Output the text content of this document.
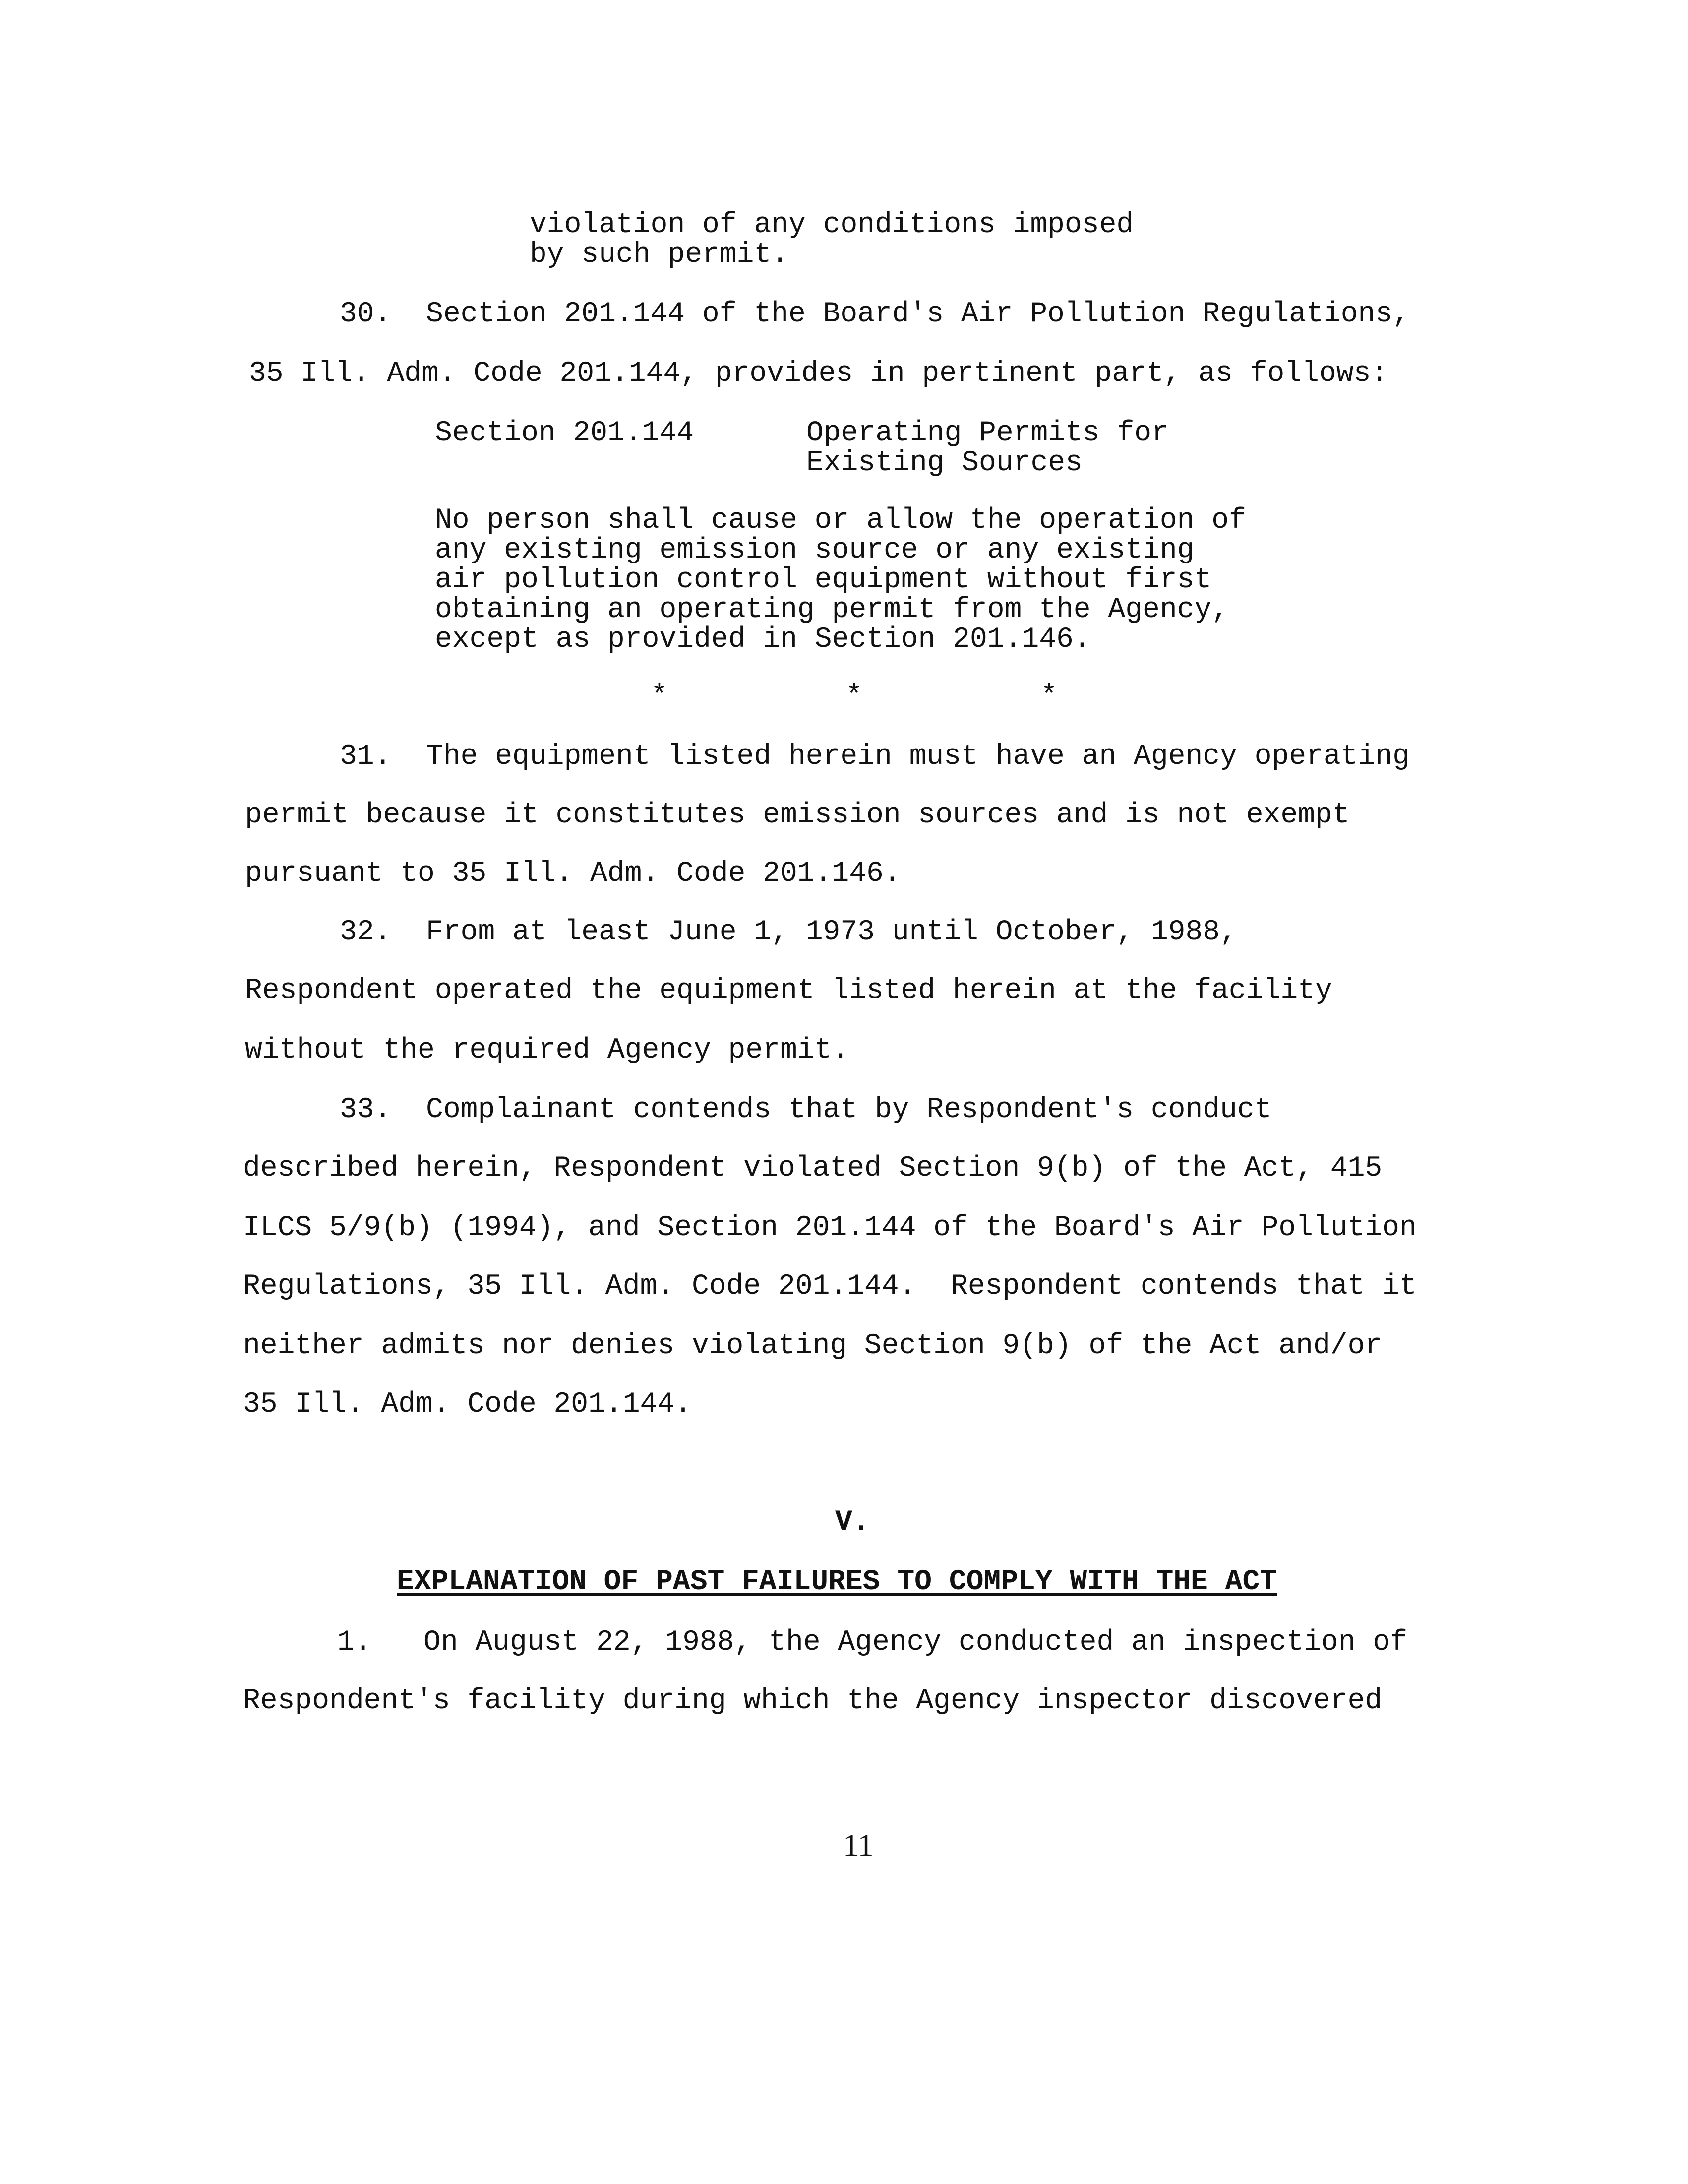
violation of any conditions imposed
by such permit.
30.  Section 201.144 of the Board's Air Pollution Regulations,
35 Ill. Adm. Code 201.144, provides in pertinent part, as follows:
Section 201.144	Operating Permits for
Existing Sources
No person shall cause or allow the operation of
any existing emission source or any existing
air pollution control equipment without first
obtaining an operating permit from the Agency,
except as provided in Section 201.146.
*	*	*
31.  The equipment listed herein must have an Agency operating
permit because it constitutes emission sources and is not exempt
pursuant to 35 Ill. Adm. Code 201.146.
32.  From at least June 1, 1973 until October, 1988,
Respondent operated the equipment listed herein at the facility
without the required Agency permit.
33.  Complainant contends that by Respondent's conduct
described herein, Respondent violated Section 9(b) of the Act, 415
ILCS 5/9(b) (1994), and Section 201.144 of the Board's Air Pollution
Regulations, 35 Ill. Adm. Code 201.144.  Respondent contends that it
neither admits nor denies violating Section 9(b) of the Act and/or
35 Ill. Adm. Code 201.144.
V.
EXPLANATION OF PAST FAILURES TO COMPLY WITH THE ACT
1.   On August 22, 1988, the Agency conducted an inspection of
Respondent's facility during which the Agency inspector discovered
11
